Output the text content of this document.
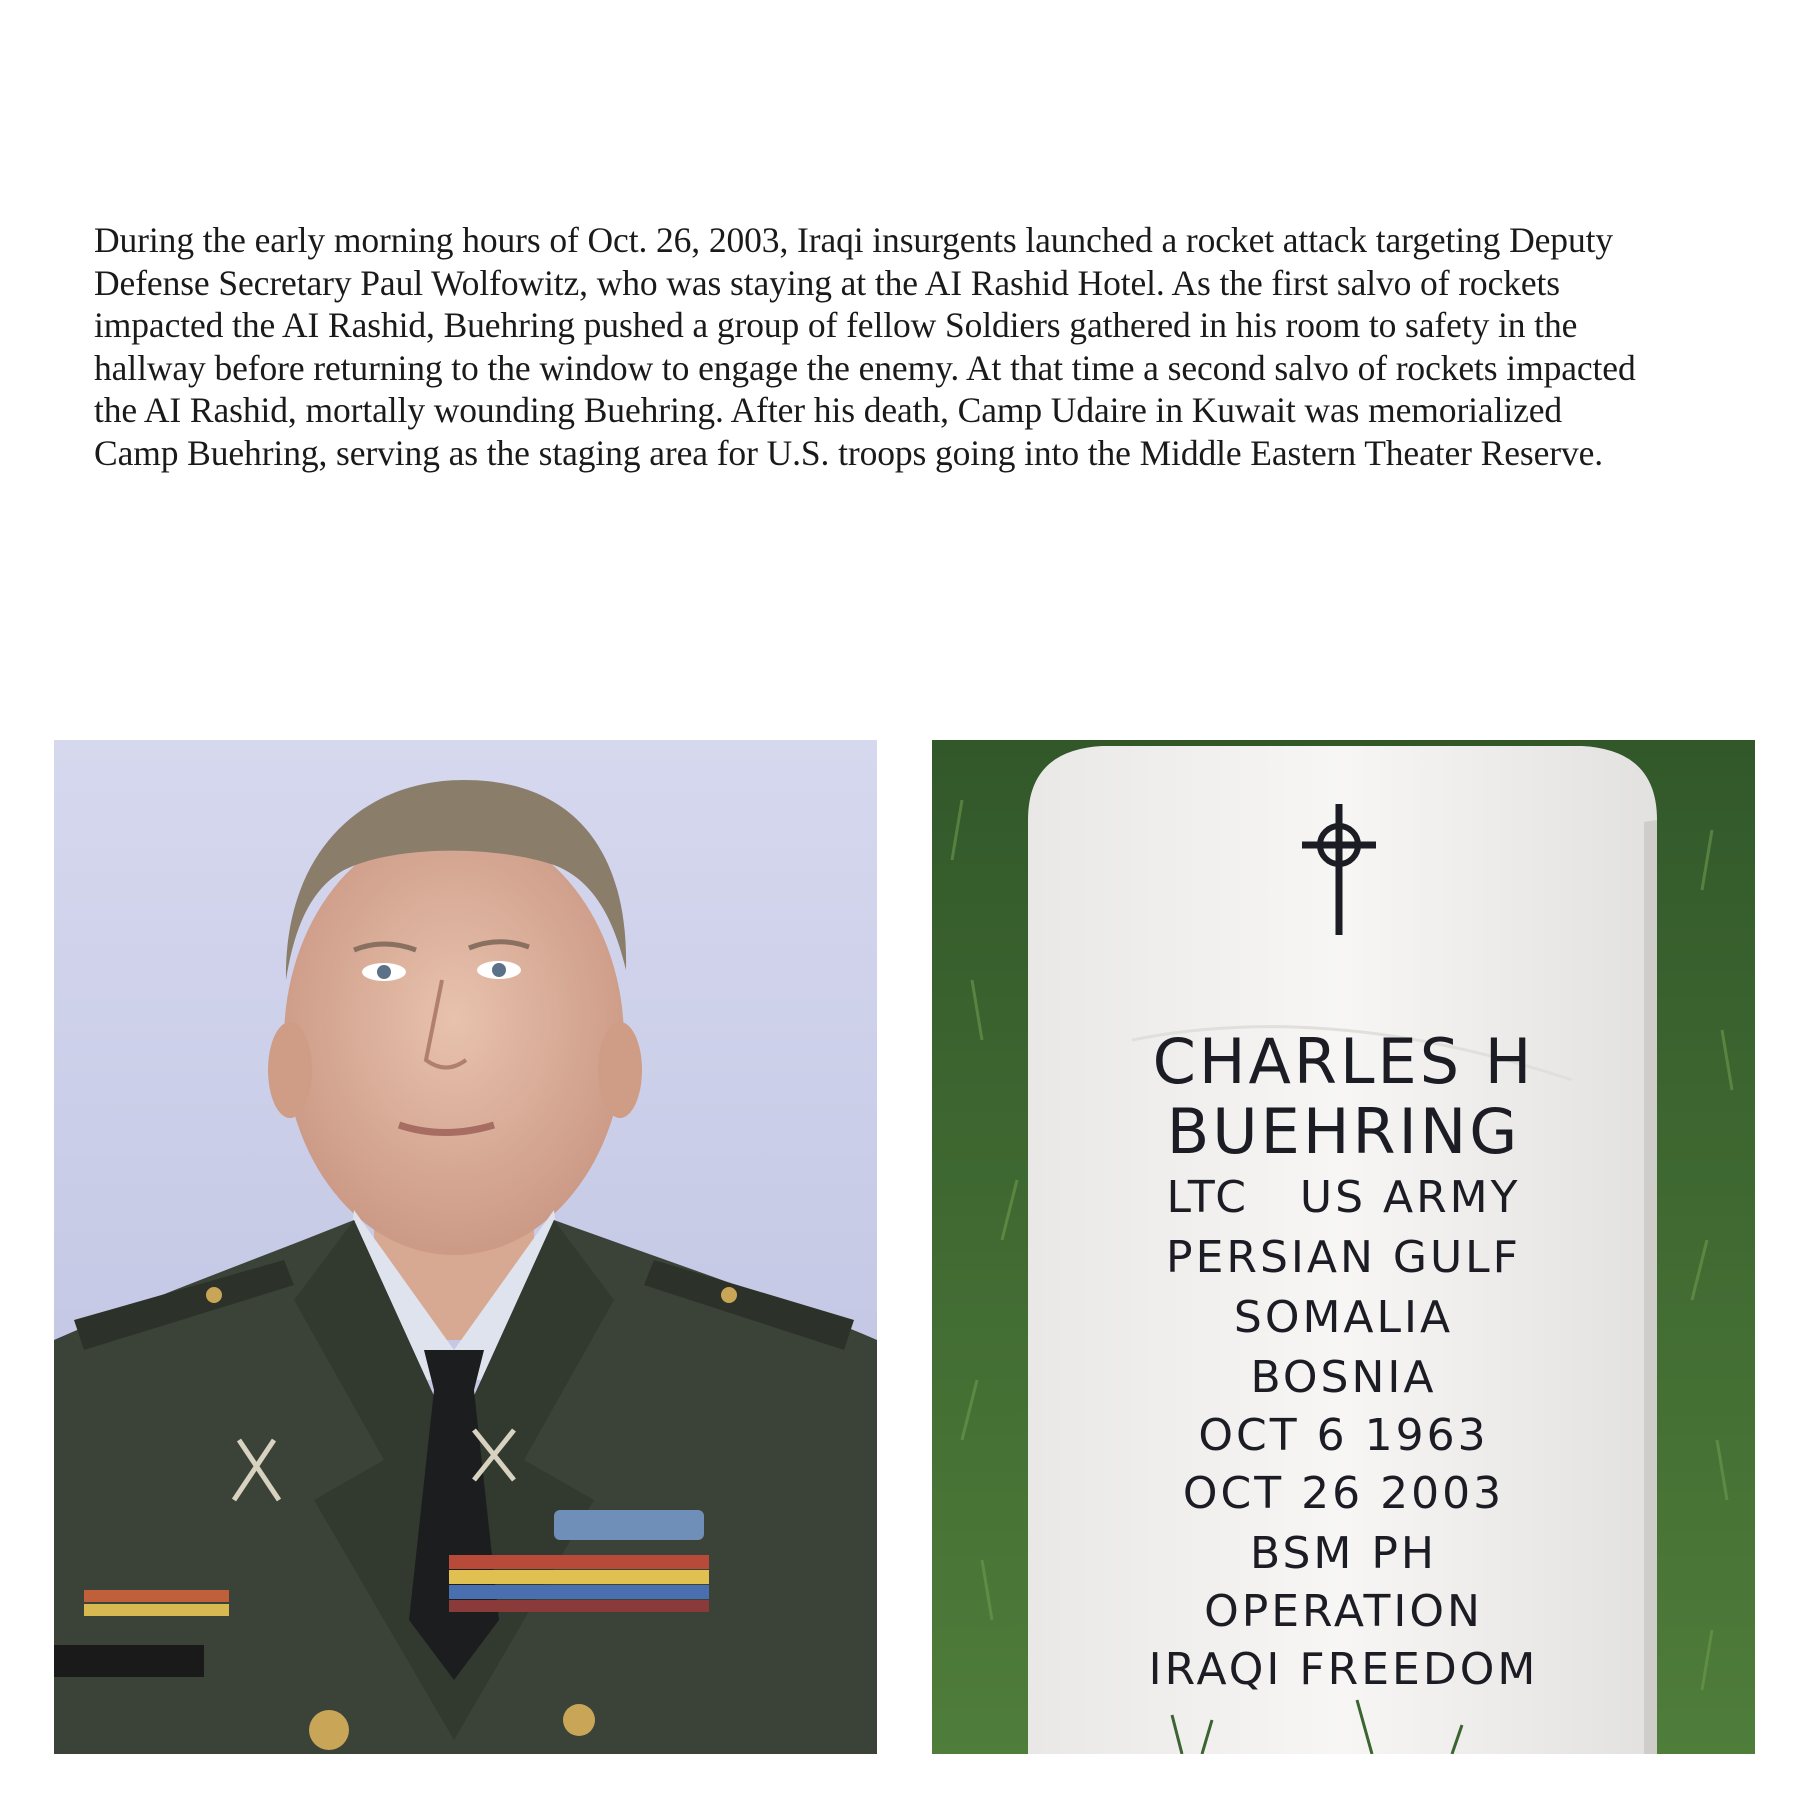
During the early morning hours of Oct. 26, 2003, Iraqi insurgents launched a rocket attack targeting Deputy
Defense Secretary Paul Wolfowitz, who was staying at the AI Rashid Hotel. As the first salvo of rockets
impacted the AI Rashid, Buehring pushed a group of fellow Soldiers gathered in his room to safety in the
hallway before returning to the window to engage the enemy. At that time a second salvo of rockets impacted
the AI Rashid, mortally wounding Buehring. After his death, Camp Udaire in Kuwait was memorialized
Camp Buehring, serving as the staging area for U.S. troops going into the Middle Eastern Theater Reserve.
CHARLES H
BUEHRING
LTC   US ARMY
PERSIAN GULF
SOMALIA
BOSNIA
OCT 6 1963
OCT 26 2003
BSM PH
OPERATION
IRAQI FREEDOM
